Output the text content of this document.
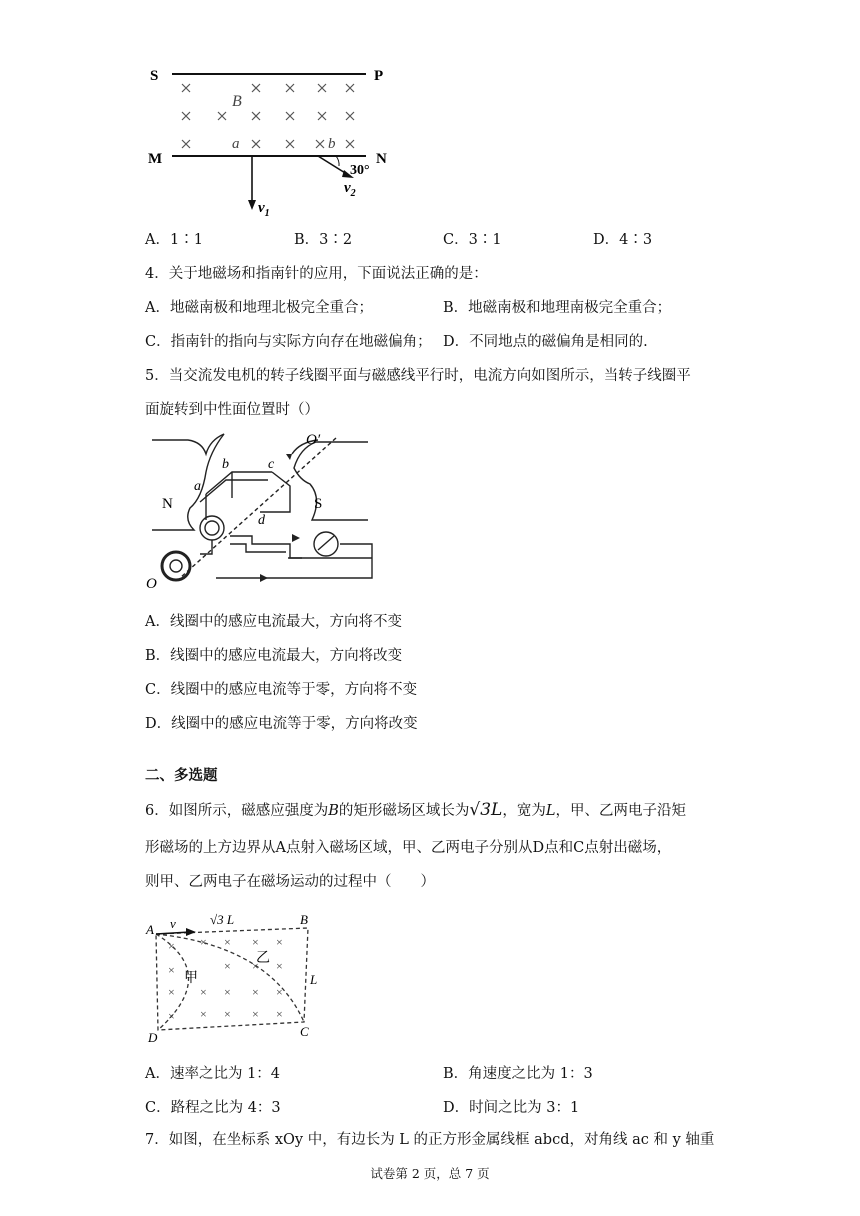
S	P
M	N
B
a	b
$v_1$
30°
$v_2$
A．1∶1	B．3∶2	C．3∶1	D．4∶3
4．关于地磁场和指南针的应用，下面说法正确的是：
A．地磁南极和地理北极完全重合；	B．地磁南极和地理南极完全重合；
C．指南针的指向与实际方向存在地磁偏角； D．不同地点的磁偏角是相同的.
5．当交流发电机的转子线圈平面与磁感线平行时，电流方向如图所示，当转子线圈平
面旋转到中性面位置时（）
O′
O
N	S
a
b	c
d
A．线圈中的感应电流最大，方向将不变
B．线圈中的感应电流最大，方向将改变
C．线圈中的感应电流等于零，方向将不变
D．线圈中的感应电流等于零，方向将改变
二、多选题
6．如图所示，磁感应强度为B的矩形磁场区域长为√3L，宽为L，甲、乙两电子沿矩
形磁场的上方边界从A点射入磁场区域，甲、乙两电子分别从D点和C点射出磁场，
则甲、乙两电子在磁场运动的过程中（　　）
× × × × ×
×	× × ×
× × × × ×
× × × × ×
A
B
C
D
v	√3 L
L
甲
乙
A．速率之比为 1：4	B．角速度之比为 1：3
C．路程之比为 4：3	D．时间之比为 3：1
7．如图，在坐标系 xOy 中，有边长为 L 的正方形金属线框 abcd，对角线 ac 和 y 轴重
试卷第 2 页，总 7 页
